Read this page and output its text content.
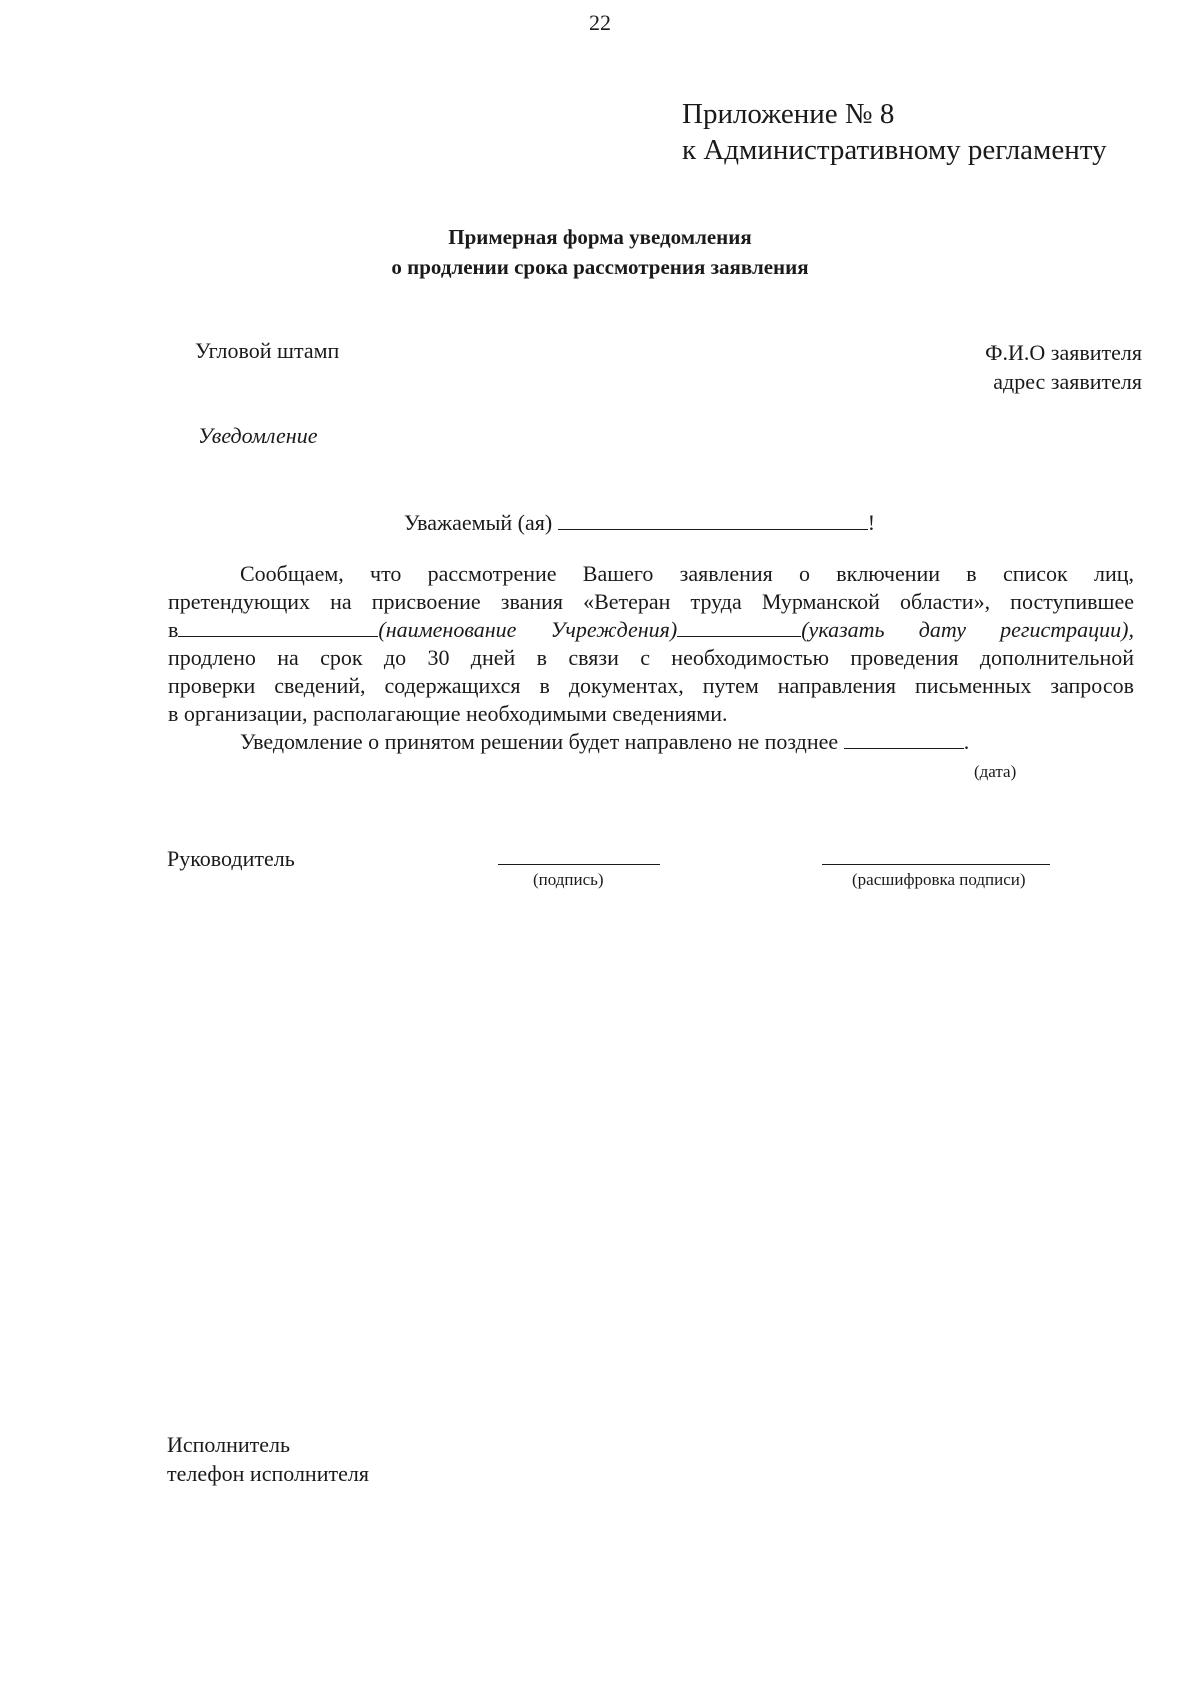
22
Приложение № 8
к Административному регламенту
Примерная форма уведомления
о продлении срока рассмотрения заявления
Угловой штамп	Ф.И.О заявителя
адрес заявителя
Уведомление
Уважаемый (ая)	!

Сообщаем, что рассмотрение Вашего заявления о включении в список лиц,

претендующих на присвоение звания «Ветеран труда Мурманской области», поступившее

в	(наименование Учреждения)	(указать дату регистрации),

продлено на срок до 30 дней в связи с необходимостью проведения дополнительной

проверки сведений, содержащихся в документах, путем направления письменных запросов

в организации, располагающие необходимыми сведениями.

Уведомление о принятом решении будет направлено не позднее	.

(дата)
Руководитель
(подпись)	(расшифровка подписи)
Исполнитель
телефон исполнителя
